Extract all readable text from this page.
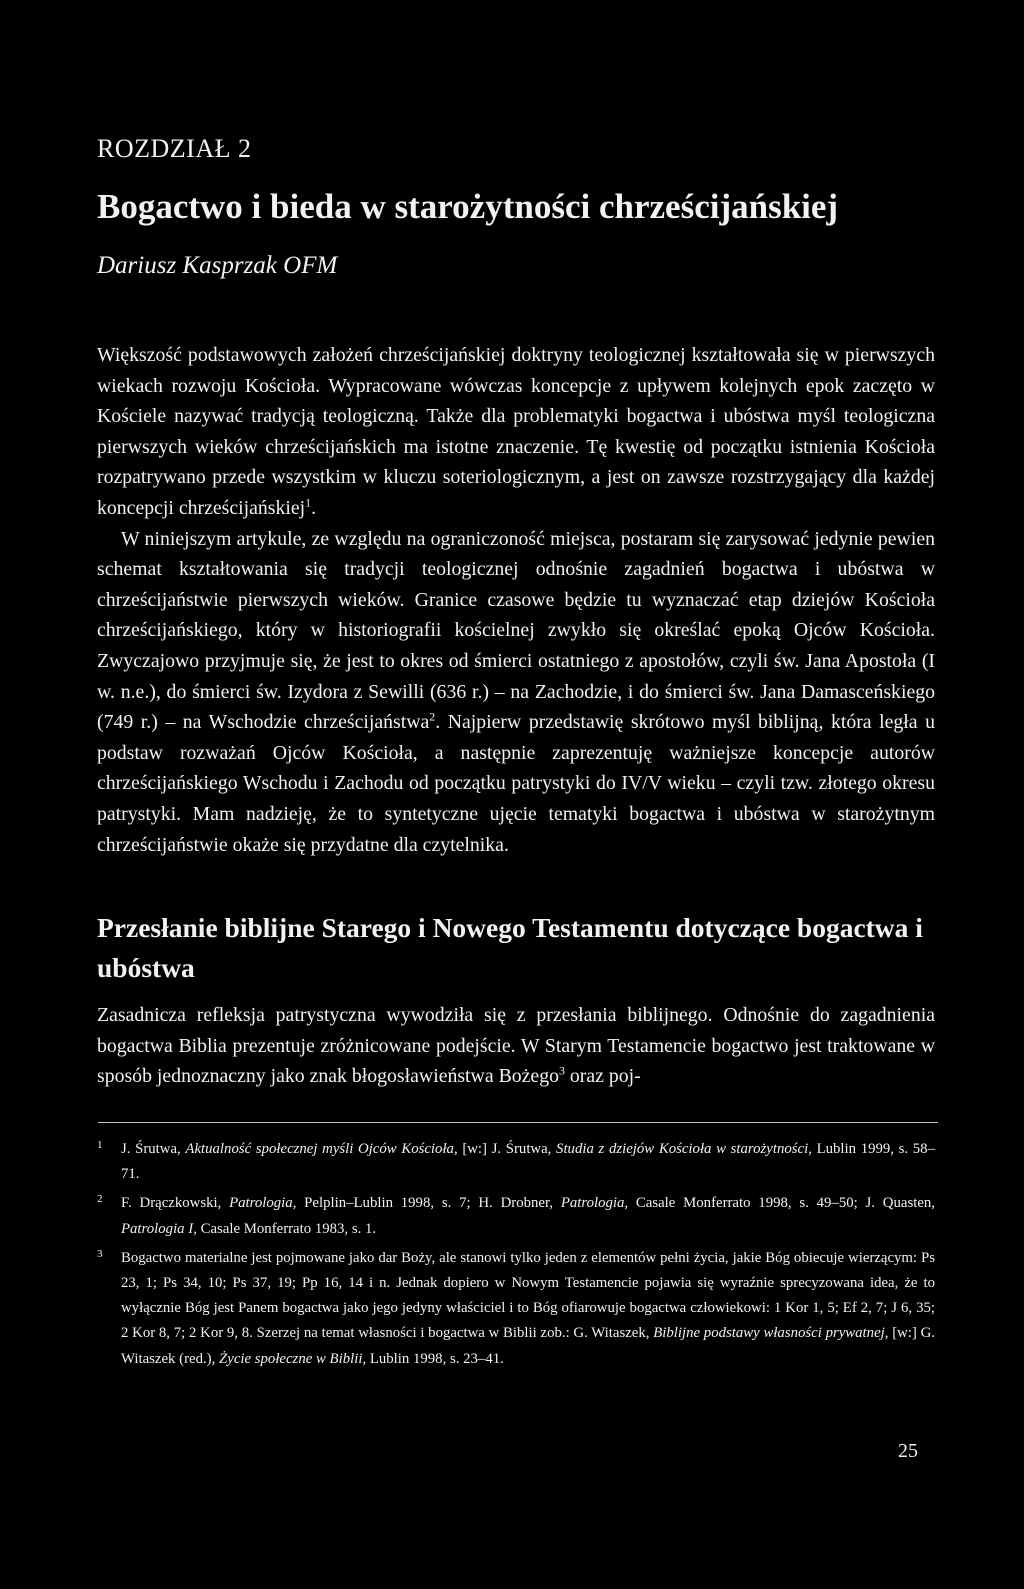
ROZDZIAŁ 2
Bogactwo i bieda w starożytności chrześcijańskiej

Dariusz Kasprzak OFM

Większość podstawowych założeń chrześcijańskiej doktryny teologicznej kształtowała się w pierwszych wiekach rozwoju Kościoła. Wypracowane wówczas koncepcje z upływem kolejnych epok zaczęto w Kościele nazywać tradycją teologiczną. Także dla problematyki bogactwa i ubóstwa myśl teologiczna pierwszych wieków chrześcijańskich ma istotne znaczenie. Tę kwestię od początku istnienia Kościoła rozpatrywano przede wszystkim w kluczu soteriologicznym, a jest on zawsze rozstrzygający dla każdej koncepcji chrześcijańskiej$^1$.

W niniejszym artykule, ze względu na ograniczoność miejsca, postaram się zarysować jedynie pewien schemat kształtowania się tradycji teologicznej odnośnie zagadnień bogactwa i ubóstwa w chrześcijaństwie pierwszych wieków. Granice czasowe będzie tu wyznaczać etap dziejów Kościoła chrześcijańskiego, który w historiografii kościelnej zwykło się określać epoką Ojców Kościoła. Zwyczajowo przyjmuje się, że jest to okres od śmierci ostatniego z apostołów, czyli św. Jana Apostoła (I w. n.e.), do śmierci św. Izydora z Sewilli (636 r.) – na Zachodzie, i do śmierci św. Jana Damasceńskiego (749 r.) – na Wschodzie chrześcijaństwa$^2$. Najpierw przedstawię skrótowo myśl biblijną, która legła u podstaw rozważań Ojców Kościoła, a następnie zaprezentuję ważniejsze koncepcje autorów chrześcijańskiego Wschodu i Zachodu od początku patrystyki do IV/V wieku – czyli tzw. złotego okresu patrystyki. Mam nadzieję, że to syntetyczne ujęcie tematyki bogactwa i ubóstwa w starożytnym chrześcijaństwie okaże się przydatne dla czytelnika.

Przesłanie biblijne Starego i Nowego Testamentu dotyczące bogactwa i ubóstwa

Zasadnicza refleksja patrystyczna wywodziła się z przesłania biblijnego. Odnośnie do zagadnienia bogactwa Biblia prezentuje zróżnicowane podejście. W Starym Testamencie bogactwo jest traktowane w sposób jednoznaczny jako znak błogosławieństwa Bożego$^3$ oraz poj-

1 J. Śrutwa, Aktualność społecznej myśli Ojców Kościoła, [w:] J. Śrutwa, Studia z dziejów Kościoła w starożytności, Lublin 1999, s. 58–71.

2 F. Drączkowski, Patrologia, Pelplin–Lublin 1998, s. 7; H. Drobner, Patrologia, Casale Monferrato 1998, s. 49–50; J. Quasten, Patrologia I, Casale Monferrato 1983, s. 1.

3 Bogactwo materialne jest pojmowane jako dar Boży, ale stanowi tylko jeden z elementów pełni życia, jakie Bóg obiecuje wierzącym: Ps 23, 1; Ps 34, 10; Ps 37, 19; Pp 16, 14 i n. Jednak dopiero w Nowym Testamencie pojawia się wyraźnie sprecyzowana idea, że to wyłącznie Bóg jest Panem bogactwa jako jego jedyny właściciel i to Bóg ofiarowuje bogactwa człowiekowi: 1 Kor 1, 5; Ef 2, 7; J 6, 35; 2 Kor 8, 7; 2 Kor 9, 8. Szerzej na temat własności i bogactwa w Biblii zob.: G. Witaszek, Biblijne podstawy własności prywatnej, [w:] G. Witaszek (red.), Życie społeczne w Biblii, Lublin 1998, s. 23–41.

25
